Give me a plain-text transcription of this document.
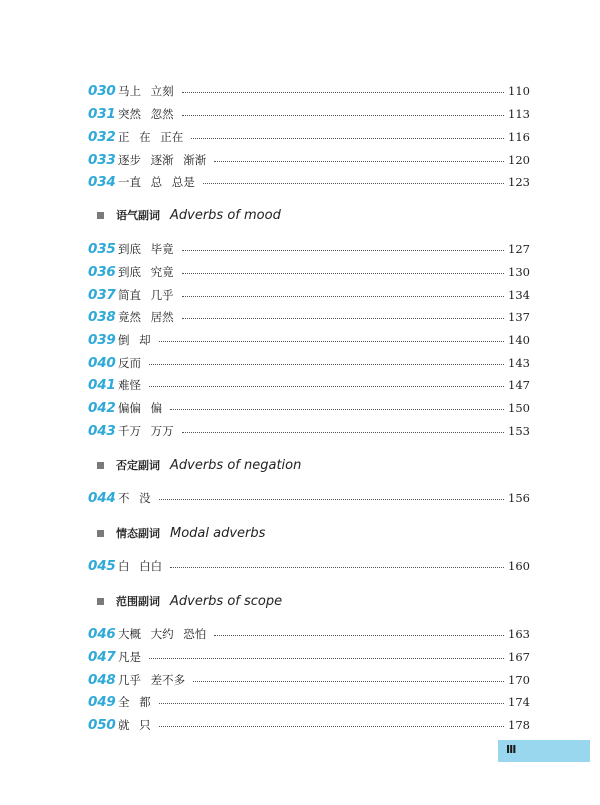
030 马上 立刻	110
031 突然 忽然	113
032 正 在 正在	116
033 逐步 逐渐 渐渐	120
034 一直 总 总是	123
语气副词 Adverbs of mood
035 到底 毕竟	127
036 到底 究竟	130
037 简直 几乎	134
038 竟然 居然	137
039 倒 却	140
040 反而	143
041 难怪	147
042 偏偏 偏	150
043 千万 万万	153
否定副词 Adverbs of negation
044 不 没	156
情态副词 Modal adverbs
045 白 白白	160
范围副词 Adverbs of scope
046 大概 大约 恐怕	163
047 凡是	167
048 几乎 差不多	170
049 全 都	174
050 就 只	178
Ⅲ
